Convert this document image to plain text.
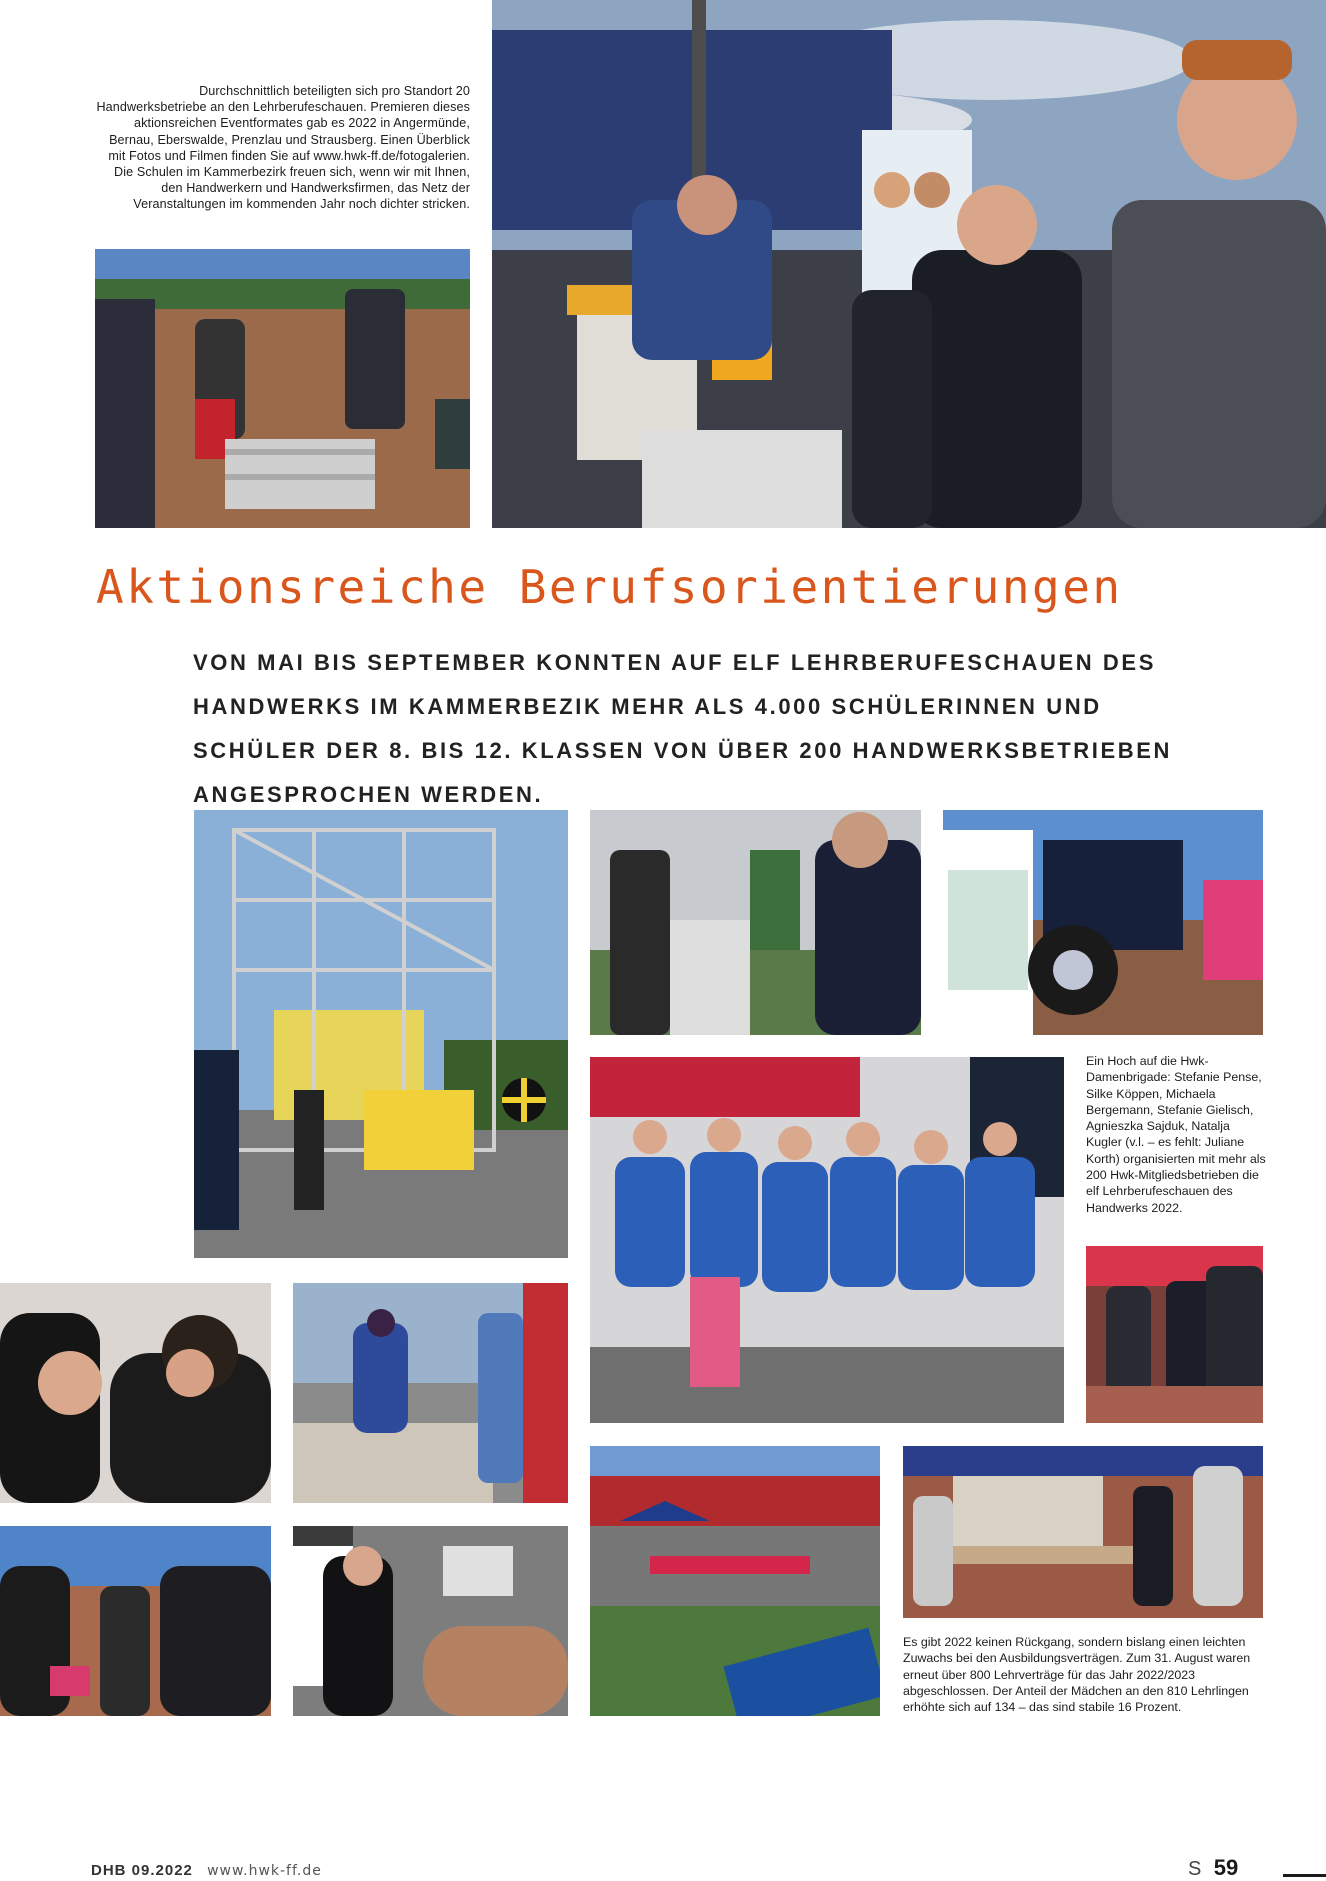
Durchschnittlich beteiligten sich pro Standort 20 Handwerksbetriebe an den Lehrberufeschauen. Premieren dieses aktionsreichen Eventformates gab es 2022 in Angermünde, Bernau, Eberswalde, Prenzlau und Strausberg. Einen Überblick mit Fotos und Filmen finden Sie auf www.hwk-ff.de/fotogalerien. Die Schulen im Kammerbezirk freuen sich, wenn wir mit Ihnen, den Handwerkern und Handwerksfirmen, das Netz der Veranstaltungen im kommenden Jahr noch dichter stricken.
Aktionsreiche Berufsorientierungen
VON MAI BIS SEPTEMBER KONNTEN AUF ELF LEHRBERUFESCHAUEN DES HANDWERKS IM KAMMERBEZIK MEHR ALS 4.000 SCHÜLERINNEN UND SCHÜLER DER 8. BIS 12. KLASSEN VON ÜBER 200 HANDWERKSBETRIEBEN ANGESPROCHEN WERDEN.
Ein Hoch auf die Hwk-Damenbrigade: Stefanie Pense, Silke Köppen, Michaela Bergemann, Stefanie Gielisch, Agnieszka Sajduk, Natalja Kugler (v.l. – es fehlt: Juliane Korth) organisierten mit mehr als 200 Hwk-Mitgliedsbetrieben die elf Lehrberufeschauen des Handwerks 2022.
Es gibt 2022 keinen Rückgang, sondern bislang einen leichten Zuwachs bei den Ausbildungsverträgen. Zum 31. August waren erneut über 800 Lehrverträge für das Jahr 2022/2023 abgeschlossen. Der Anteil der Mädchen an den 810 Lehrlingen erhöhte sich auf 134 – das sind stabile 16 Prozent.
DHB 09.2022 www.hwk-ff.de	S 59
